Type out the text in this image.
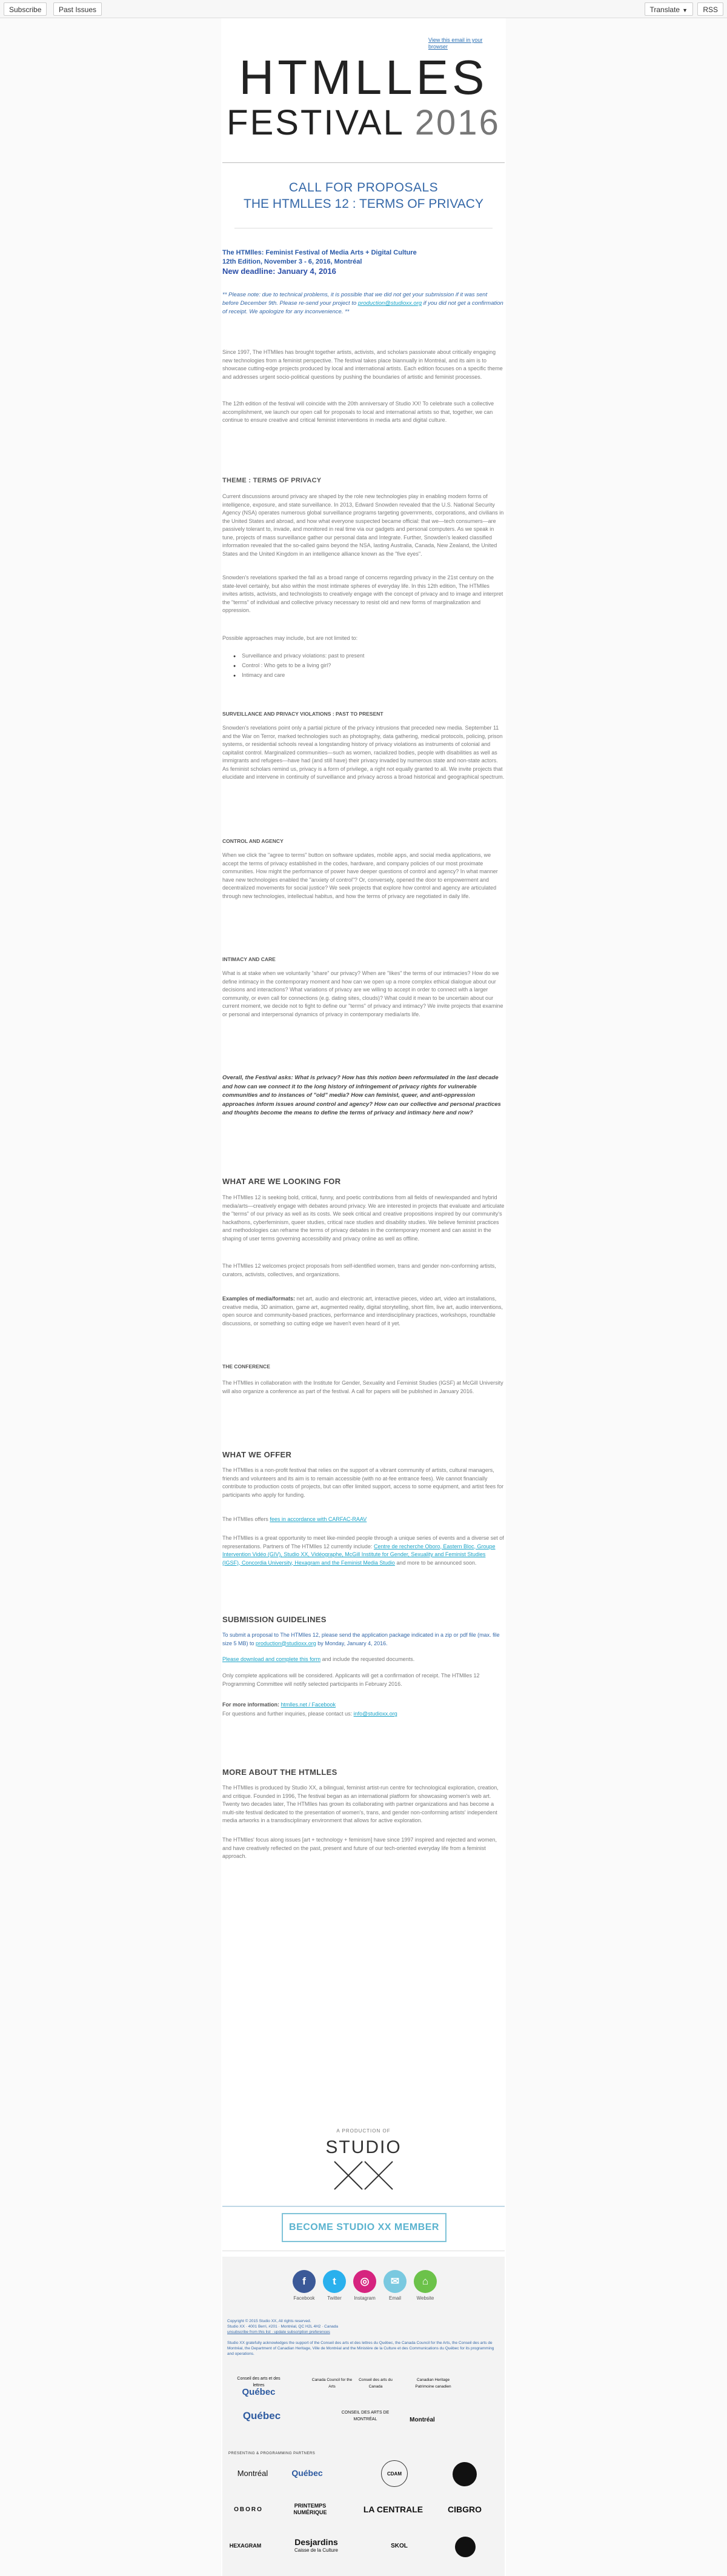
Subscribe	Past Issues	Translate ▼	RSS
View this email in your browser
HTMLLES
FESTIVAL 2016
CALL FOR PROPOSALS
THE HTMLLES 12 : TERMS OF PRIVACY
The HTMlles: Feminist Festival of Media Arts + Digital Culture
12th Edition, November 3 - 6, 2016, Montréal
New deadline: January 4, 2016
** Please note: due to technical problems, it is possible that we did not get your submission if it was sent before December 9th. Please re-send your project to production@studioxx.org if you did not get a confirmation of receipt. We apologize for any inconvenience. **
Since 1997, The HTMlles has brought together artists, activists, and scholars passionate about critically engaging new technologies from a feminist perspective. The festival takes place biannually in Montréal, and its aim is to showcase cutting-edge projects produced by local and international artists. Each edition focuses on a specific theme and addresses urgent socio-political questions by pushing the boundaries of artistic and feminist processes.
The 12th edition of the festival will coincide with the 20th anniversary of Studio XX! To celebrate such a collective accomplishment, we launch our open call for proposals to local and international artists so that, together, we can continue to ensure creative and critical feminist interventions in media arts and digital culture.
THEME : TERMS OF PRIVACY
Current discussions around privacy are shaped by the role new technologies play in enabling modern forms of intelligence, exposure, and state surveillance. In 2013, Edward Snowden revealed that the U.S. National Security Agency (NSA) operates numerous global surveillance programs targeting governments, corporations, and civilians in the United States and abroad, and how what everyone suspected became official: that we—tech consumers—are passively tolerant to, invade, and monitored in real time via our gadgets and personal computers. As we speak in tune, projects of mass surveillance gather our personal data and Integrate. Further, Snowden's leaked classified information revealed that the so-called gains beyond the NSA, lasting Australia, Canada, New Zealand, the United States and the United Kingdom in an intelligence alliance known as the "five eyes".
Snowden's revelations sparked the fall as a broad range of concerns regarding privacy in the 21st century on the state-level certainly, but also within the most intimate spheres of everyday life. In this 12th edition, The HTMlles invites artists, activists, and technologists to creatively engage with the concept of privacy and to image and interpret the "terms" of individual and collective privacy necessary to resist old and new forms of marginalization and oppression.
Possible approaches may include, but are not limited to:
● Surveillance and privacy violations: past to present
● Control : Who gets to be a living girl?
● Intimacy and care
SURVEILLANCE AND PRIVACY VIOLATIONS : PAST TO PRESENT
Snowden's revelations point only a partial picture of the privacy intrusions that preceded new media. September 11 and the War on Terror, marked technologies such as photography, data gathering, medical protocols, policing, prison systems, or residential schools reveal a longstanding history of privacy violations as instruments of colonial and capitalist control. Marginalized communities—such as women, racialized bodies, people with disabilities as well as immigrants and refugees—have had (and still have) their privacy invaded by numerous state and non-state actors. As feminist scholars remind us, privacy is a form of privilege, a right not equally granted to all. We invite projects that elucidate and intervene in continuity of surveillance and privacy across a broad historical and geographical spectrum.
CONTROL AND AGENCY
When we click the "agree to terms" button on software updates, mobile apps, and social media applications, we accept the terms of privacy established in the codes, hardware, and company policies of our most proximate communities. How might the performance of power have deeper questions of control and agency? In what manner have new technologies enabled the "anxiety of control"? Or, conversely, opened the door to empowerment and decentralized movements for social justice? We seek projects that explore how control and agency are articulated through new technologies, intellectual habitus, and how the terms of privacy are negotiated in daily life.
INTIMACY AND CARE
What is at stake when we voluntarily "share" our privacy? When are "likes" the terms of our intimacies? How do we define intimacy in the contemporary moment and how can we open up a more complex ethical dialogue about our decisions and interactions? What variations of privacy are we willing to accept in order to connect with a larger community, or even call for connections (e.g. dating sites, clouds)? What could it mean to be uncertain about our current moment, we decide not to fight to define our "terms" of privacy and intimacy? We invite projects that examine or personal and interpersonal dynamics of privacy in contemporary media/arts life.
Overall, the Festival asks: What is privacy? How has this notion been reformulated in the last decade and how can we connect it to the long history of infringement of privacy rights for vulnerable communities and to instances of "old" media? How can feminist, queer, and anti-oppression approaches inform issues around control and agency? How can our collective and personal practices and thoughts become the means to define the terms of privacy and intimacy here and now?
WHAT ARE WE LOOKING FOR
The HTMlles 12 is seeking bold, critical, funny, and poetic contributions from all fields of new/expanded and hybrid media/arts—creatively engage with debates around privacy. We are interested in projects that evaluate and articulate the "terms" of our privacy as well as its costs. We seek critical and creative propositions inspired by our community's hackathons, cyberfeminism, queer studies, critical race studies and disability studies. We believe feminist practices and methodologies can reframe the terms of privacy debates in the contemporary moment and can assist in the shaping of user terms governing accessibility and privacy online as well as offline.
The HTMlles 12 welcomes project proposals from self-identified women, trans and gender non-conforming artists, curators, activists, collectives, and organizations.
Examples of media/formats: net art, audio and electronic art, interactive pieces, video art, video art installations, creative media, 3D animation, game art, augmented reality, digital storytelling, short film, live art, audio interventions, open source and community-based practices, performance and interdisciplinary practices, workshops, roundtable discussions, or something so cutting edge we haven't even heard of it yet.
THE CONFERENCE
The HTMlles in collaboration with the Institute for Gender, Sexuality and Feminist Studies (IGSF) at McGill University will also organize a conference as part of the festival. A call for papers will be published in January 2016.
WHAT WE OFFER
The HTMlles is a non-profit festival that relies on the support of a vibrant community of artists, cultural managers, friends and volunteers and its aim is to remain accessible (with no at-fee entrance fees). We cannot financially contribute to production costs of projects, but can offer limited support, access to some equipment, and artist fees for participants who apply for funding.
The HTMlles offers fees in accordance with CARFAC-RAAV
The HTMlles is a great opportunity to meet like-minded people through a unique series of events and a diverse set of representations. Partners of The HTMlles 12 currently include: Centre de recherche Oboro, Eastern Bloc, Groupe Intervention Vidéo (GIV), Studio XX, Vidéographe, McGill Institute for Gender, Sexuality and Feminist Studies (IGSF), Concordia University, Hexagram and the Feminist Media Studio and more to be announced soon.
SUBMISSION GUIDELINES
To submit a proposal to The HTMlles 12, please send the application package indicated in a zip or pdf file (max. file size 5 MB) to production@studioxx.org by Monday, January 4, 2016.
Please download and complete this form and include the requested documents.
Only complete applications will be considered. Applicants will get a confirmation of receipt. The HTMlles 12 Programming Committee will notify selected participants in February 2016.
For more information: htmlles.net / Facebook
For questions and further inquiries, please contact us: info@studioxx.org
MORE ABOUT THE HTMLLES
The HTMlles is produced by Studio XX, a bilingual, feminist artist-run centre for technological exploration, creation, and critique. Founded in 1996, The festival began as an international platform for showcasing women's web art. Twenty two decades later, The HTMlles has grown its collaborating with partner organizations and has become a multi-site festival dedicated to the presentation of women's, trans, and gender non-conforming artists' independent media artworks in a transdisciplinary environment that allows for active exploration.
The HTMlles' focus along issues [art + technology + feminism] have since 1997 inspired and rejected and women, and have creatively reflected on the past, present and future of our tech-oriented everyday life from a feminist approach.
A PRODUCTION OF
STUDIO
BECOME STUDIO XX MEMBER
f
Facebook
t
Twitter
◎
Instagram
✉
Email
⌂
Website
Copyright © 2015 Studio XX, All rights reserved.
Studio XX · 4001 Berri, #201 · Montréal, QC H2L 4H2 · Canada
unsubscribe from this list · update subscription preferences
Studio XX gratefully acknowledges the support of the Conseil des arts et des lettres du Québec, the Canada Council for the Arts, the Conseil des arts de Montréal, the Department of Canadian Heritage, Ville de Montréal and the Ministère de la Culture et des Communications du Québec for its programming and operations.
Conseil des arts et des lettres
Québec
Canada Council for the Arts
Conseil des arts du Canada
Canadian Heritage
Patrimoine canadien
Québec	CONSEIL DES ARTS DE MONTRÉAL	Montréal
PRESENTING & PROGRAMMING PARTNERS
Montréal	Québec	CDAM
OBORO
PRINTEMPS NUMÉRIQUE	LA CENTRALE	CIBGRO
HEXAGRAM	Desjardins
Caisse de la Culture
SKOL
